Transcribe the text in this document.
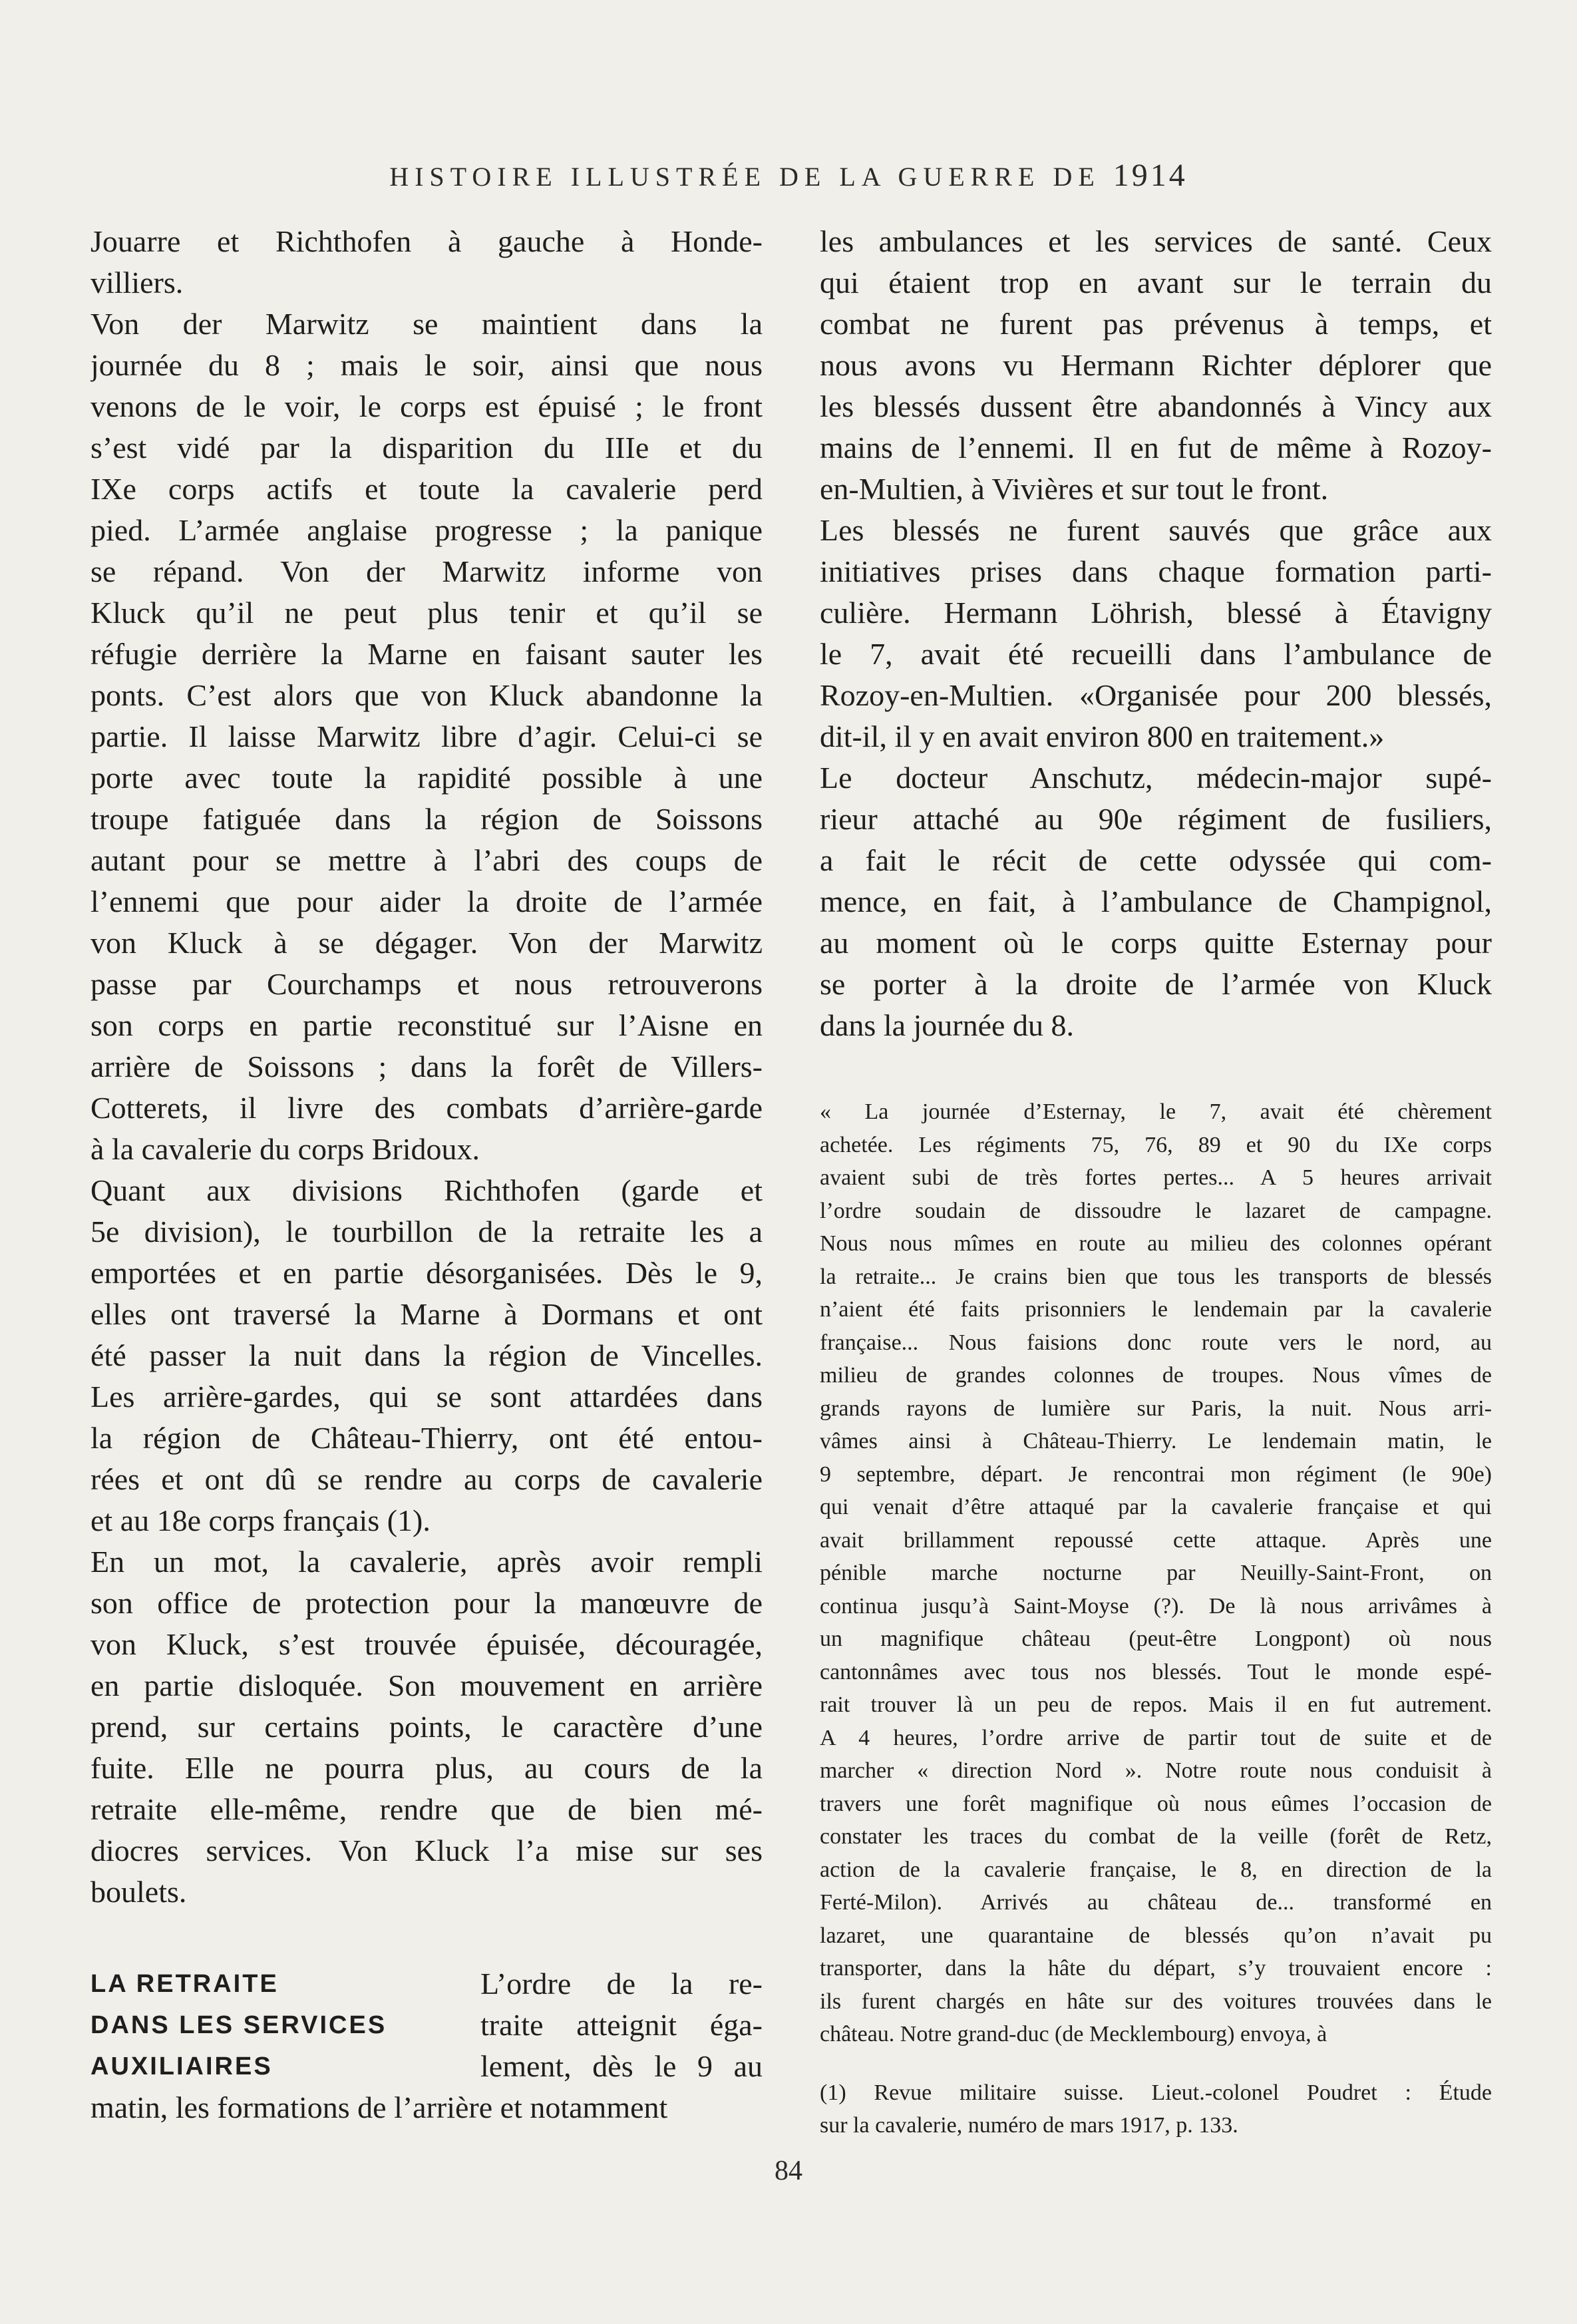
HISTOIRE ILLUSTRÉE DE LA GUERRE DE 1914
Jouarre et Richthofen à gauche à Honde-
villiers.
Von der Marwitz se maintient dans la
journée du 8 ; mais le soir, ainsi que nous
venons de le voir, le corps est épuisé ; le front
s’est vidé par la disparition du IIIe et du
IXe corps actifs et toute la cavalerie perd
pied. L’armée anglaise progresse ; la panique
se répand. Von der Marwitz informe von
Kluck qu’il ne peut plus tenir et qu’il se
réfugie derrière la Marne en faisant sauter les
ponts. C’est alors que von Kluck abandonne la
partie. Il laisse Marwitz libre d’agir. Celui-ci se
porte avec toute la rapidité possible à une
troupe fatiguée dans la région de Soissons
autant pour se mettre à l’abri des coups de
l’ennemi que pour aider la droite de l’armée
von Kluck à se dégager. Von der Marwitz
passe par Courchamps et nous retrouverons
son corps en partie reconstitué sur l’Aisne en
arrière de Soissons ; dans la forêt de Villers-
Cotterets, il livre des combats d’arrière-garde
à la cavalerie du corps Bridoux.
Quant aux divisions Richthofen (garde et
5e division), le tourbillon de la retraite les a
emportées et en partie désorganisées. Dès le 9,
elles ont traversé la Marne à Dormans et ont
été passer la nuit dans la région de Vincelles.
Les arrière-gardes, qui se sont attardées dans
la région de Château-Thierry, ont été entou-
rées et ont dû se rendre au corps de cavalerie
et au 18e corps français (1).
En un mot, la cavalerie, après avoir rempli
son office de protection pour la manœuvre de
von Kluck, s’est trouvée épuisée, découragée,
en partie disloquée. Son mouvement en arrière
prend, sur certains points, le caractère d’une
fuite. Elle ne pourra plus, au cours de la
retraite elle-même, rendre que de bien mé-
diocres services. Von Kluck l’a mise sur ses
boulets.
LA RETRAITE
DANS LES SERVICES
AUXILIAIRES
L’ordre de la re-
traite atteignit éga-
lement, dès le 9 au
matin, les formations de l’arrière et notamment
les ambulances et les services de santé. Ceux
qui étaient trop en avant sur le terrain du
combat ne furent pas prévenus à temps, et
nous avons vu Hermann Richter déplorer que
les blessés dussent être abandonnés à Vincy aux
mains de l’ennemi. Il en fut de même à Rozoy-
en-Multien, à Vivières et sur tout le front.
Les blessés ne furent sauvés que grâce aux
initiatives prises dans chaque formation parti-
culière. Hermann Löhrish, blessé à Étavigny
le 7, avait été recueilli dans l’ambulance de
Rozoy-en-Multien. «Organisée pour 200 blessés,
dit-il, il y en avait environ 800 en traitement.»
Le docteur Anschutz, médecin-major supé-
rieur attaché au 90e régiment de fusiliers,
a fait le récit de cette odyssée qui com-
mence, en fait, à l’ambulance de Champignol,
au moment où le corps quitte Esternay pour
se porter à la droite de l’armée von Kluck
dans la journée du 8.
« La journée d’Esternay, le 7, avait été chèrement
achetée. Les régiments 75, 76, 89 et 90 du IXe corps
avaient subi de très fortes pertes... A 5 heures arrivait
l’ordre soudain de dissoudre le lazaret de campagne.
Nous nous mîmes en route au milieu des colonnes opérant
la retraite... Je crains bien que tous les transports de blessés
n’aient été faits prisonniers le lendemain par la cavalerie
française... Nous faisions donc route vers le nord, au
milieu de grandes colonnes de troupes. Nous vîmes de
grands rayons de lumière sur Paris, la nuit. Nous arri-
vâmes ainsi à Château-Thierry. Le lendemain matin, le
9 septembre, départ. Je rencontrai mon régiment (le 90e)
qui venait d’être attaqué par la cavalerie française et qui
avait brillamment repoussé cette attaque. Après une
pénible marche nocturne par Neuilly-Saint-Front, on
continua jusqu’à Saint-Moyse (?). De là nous arrivâmes à
un magnifique château (peut-être Longpont) où nous
cantonnâmes avec tous nos blessés. Tout le monde espé-
rait trouver là un peu de repos. Mais il en fut autrement.
A 4 heures, l’ordre arrive de partir tout de suite et de
marcher « direction Nord ». Notre route nous conduisit à
travers une forêt magnifique où nous eûmes l’occasion de
constater les traces du combat de la veille (forêt de Retz,
action de la cavalerie française, le 8, en direction de la
Ferté-Milon). Arrivés au château de... transformé en
lazaret, une quarantaine de blessés qu’on n’avait pu
transporter, dans la hâte du départ, s’y trouvaient encore :
ils furent chargés en hâte sur des voitures trouvées dans le
château. Notre grand-duc (de Mecklembourg) envoya, à
(1) Revue militaire suisse. Lieut.-colonel Poudret : Étude
sur la cavalerie, numéro de mars 1917, p. 133.
84
